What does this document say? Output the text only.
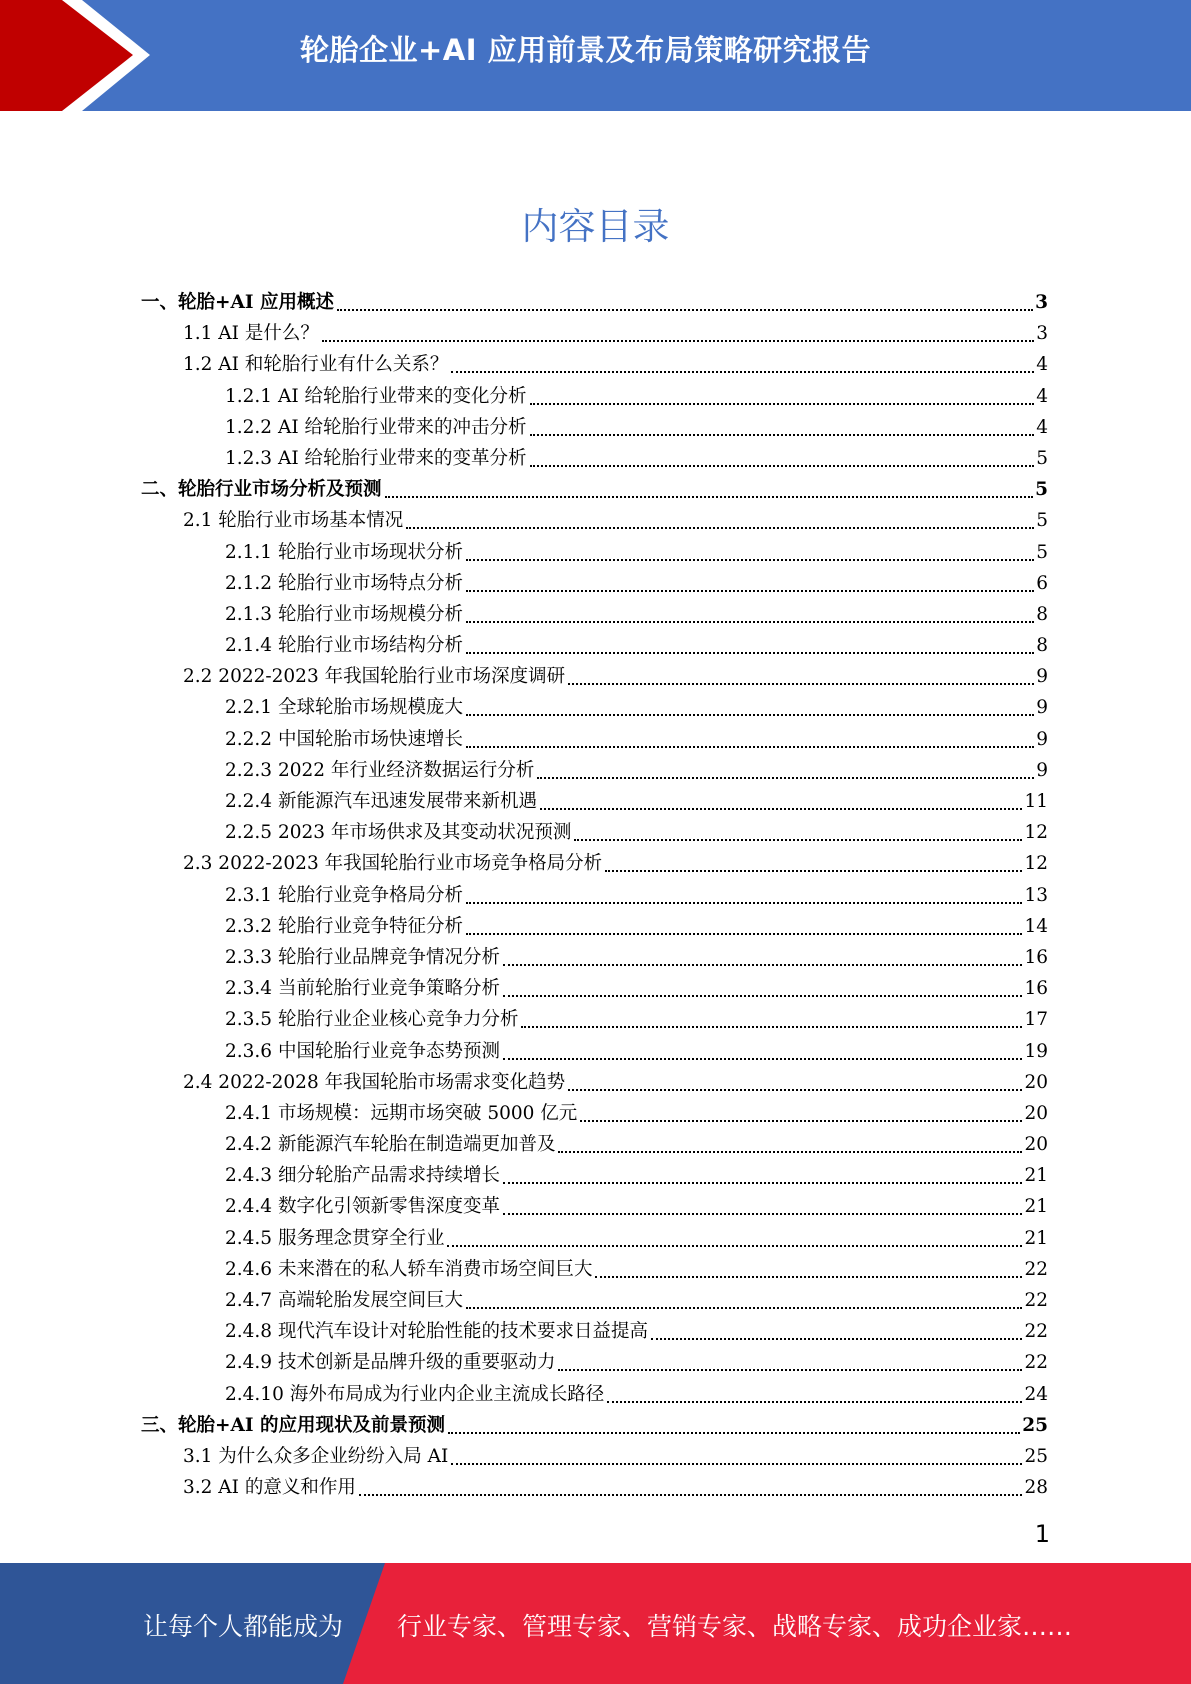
轮胎企业+AI 应用前景及布局策略研究报告
内容目录
一、轮胎+AI 应用概述	3
1.1 AI 是什么？	3
1.2 AI 和轮胎行业有什么关系？	4
1.2.1 AI 给轮胎行业带来的变化分析	4
1.2.2 AI 给轮胎行业带来的冲击分析	4
1.2.3 AI 给轮胎行业带来的变革分析	5
二、轮胎行业市场分析及预测	5
2.1 轮胎行业市场基本情况	5
2.1.1 轮胎行业市场现状分析	5
2.1.2 轮胎行业市场特点分析	6
2.1.3 轮胎行业市场规模分析	8
2.1.4 轮胎行业市场结构分析	8
2.2 2022-2023 年我国轮胎行业市场深度调研	9
2.2.1 全球轮胎市场规模庞大	9
2.2.2 中国轮胎市场快速增长	9
2.2.3 2022 年行业经济数据运行分析	9
2.2.4 新能源汽车迅速发展带来新机遇	11
2.2.5 2023 年市场供求及其变动状况预测	12
2.3 2022-2023 年我国轮胎行业市场竞争格局分析	12
2.3.1 轮胎行业竞争格局分析	13
2.3.2 轮胎行业竞争特征分析	14
2.3.3 轮胎行业品牌竞争情况分析	16
2.3.4 当前轮胎行业竞争策略分析	16
2.3.5 轮胎行业企业核心竞争力分析	17
2.3.6 中国轮胎行业竞争态势预测	19
2.4 2022-2028 年我国轮胎市场需求变化趋势	20
2.4.1 市场规模：远期市场突破 5000 亿元	20
2.4.2 新能源汽车轮胎在制造端更加普及	20
2.4.3 细分轮胎产品需求持续增长	21
2.4.4 数字化引领新零售深度变革	21
2.4.5 服务理念贯穿全行业	21
2.4.6 未来潜在的私人轿车消费市场空间巨大	22
2.4.7 高端轮胎发展空间巨大	22
2.4.8 现代汽车设计对轮胎性能的技术要求日益提高	22
2.4.9 技术创新是品牌升级的重要驱动力	22
2.4.10 海外布局成为行业内企业主流成长路径	24
三、轮胎+AI 的应用现状及前景预测	25
3.1 为什么众多企业纷纷入局 AI	25
3.2 AI 的意义和作用	28
1
让每个人都能成为 行业专家、管理专家、营销专家、战略专家、成功企业家……
